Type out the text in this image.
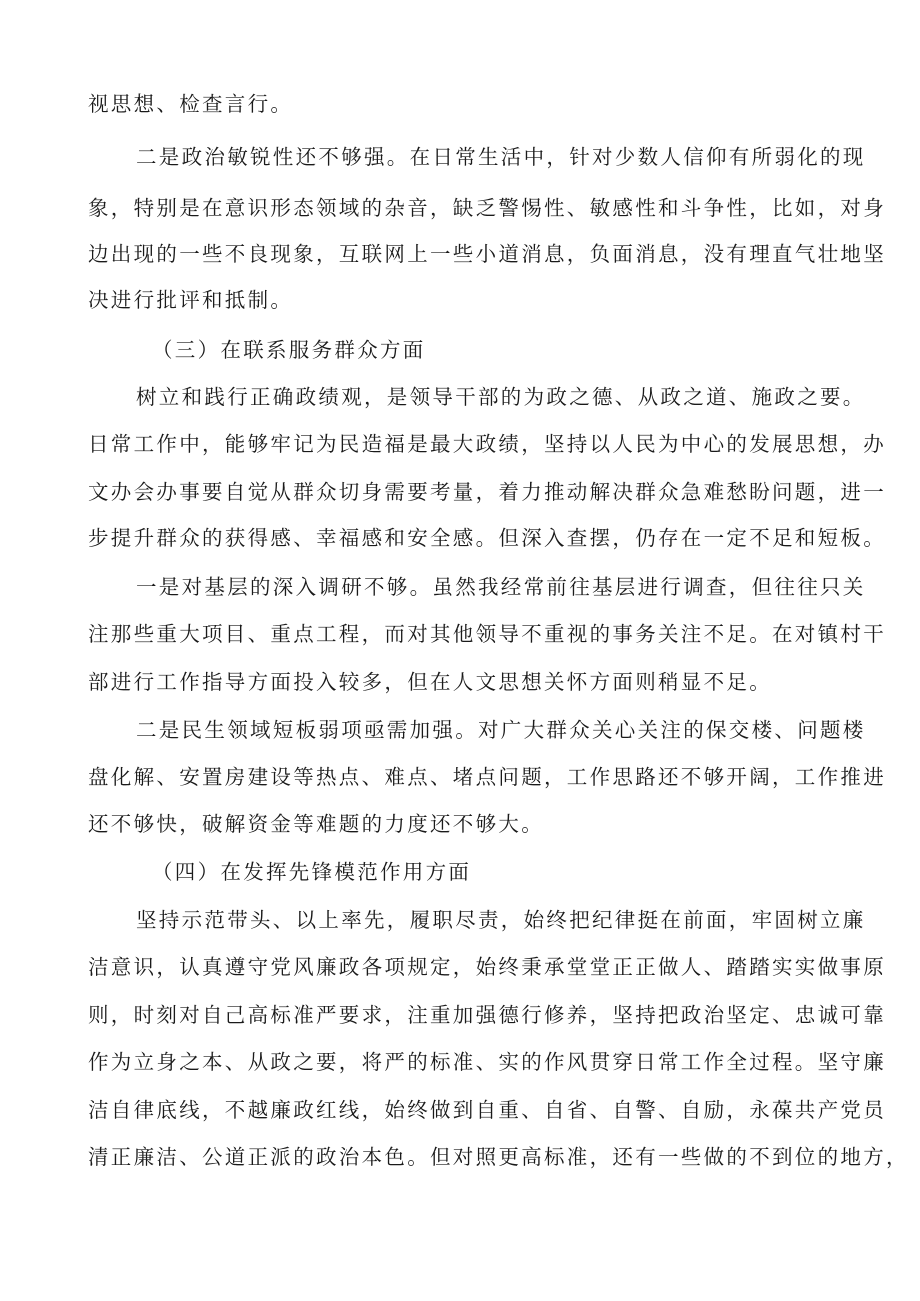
视思想、检查言行。
二是政治敏锐性还不够强。在日常生活中，针对少数人信仰有所弱化的现
象，特别是在意识形态领域的杂音，缺乏警惕性、敏感性和斗争性，比如，对身
边出现的一些不良现象，互联网上一些小道消息，负面消息，没有理直气壮地坚
决进行批评和抵制。
（三）在联系服务群众方面
树立和践行正确政绩观，是领导干部的为政之德、从政之道、施政之要。
日常工作中，能够牢记为民造福是最大政绩，坚持以人民为中心的发展思想，办
文办会办事要自觉从群众切身需要考量，着力推动解决群众急难愁盼问题，进一
步提升群众的获得感、幸福感和安全感。但深入查摆，仍存在一定不足和短板。
一是对基层的深入调研不够。虽然我经常前往基层进行调查，但往往只关
注那些重大项目、重点工程，而对其他领导不重视的事务关注不足。在对镇村干
部进行工作指导方面投入较多，但在人文思想关怀方面则稍显不足。
二是民生领域短板弱项亟需加强。对广大群众关心关注的保交楼、问题楼
盘化解、安置房建设等热点、难点、堵点问题，工作思路还不够开阔，工作推进
还不够快，破解资金等难题的力度还不够大。
（四）在发挥先锋模范作用方面
坚持示范带头、以上率先，履职尽责，始终把纪律挺在前面，牢固树立廉
洁意识，认真遵守党风廉政各项规定，始终秉承堂堂正正做人、踏踏实实做事原
则，时刻对自己高标准严要求，注重加强德行修养，坚持把政治坚定、忠诚可靠
作为立身之本、从政之要，将严的标准、实的作风贯穿日常工作全过程。坚守廉
洁自律底线，不越廉政红线，始终做到自重、自省、自警、自励，永葆共产党员
清正廉洁、公道正派的政治本色。但对照更高标准，还有一些做的不到位的地方，
